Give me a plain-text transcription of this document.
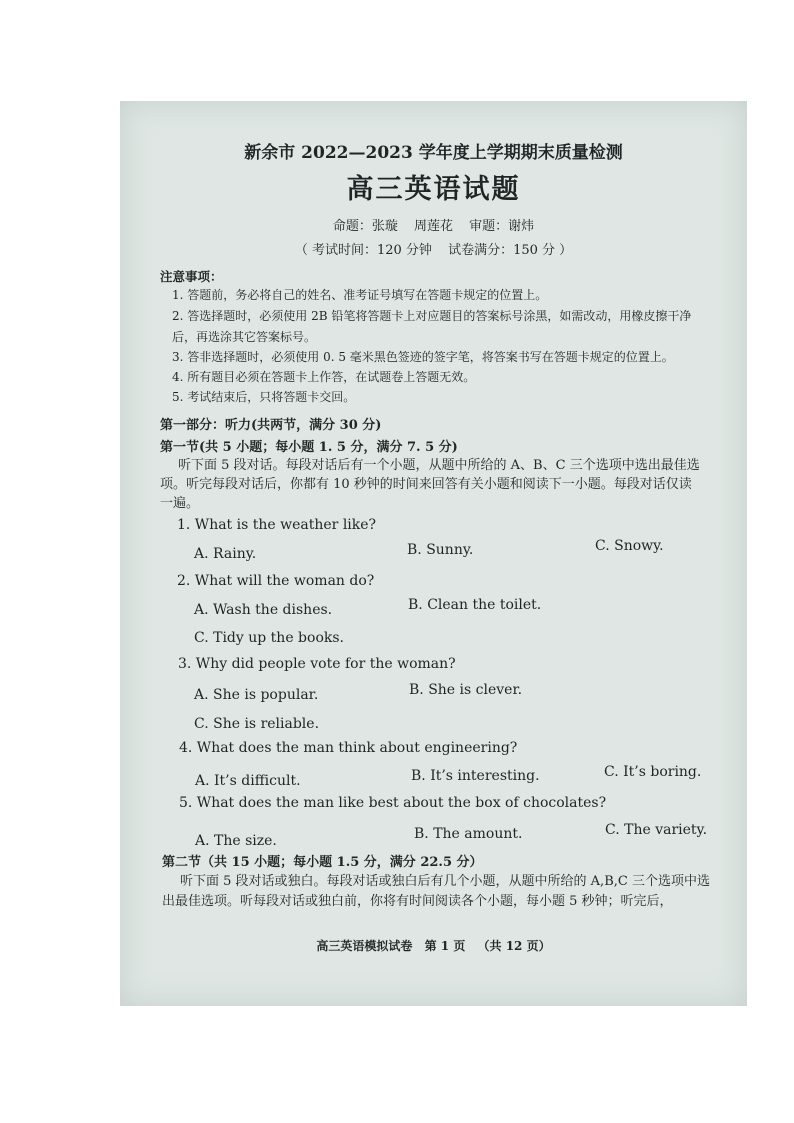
新余市 2022—2023 学年度上学期期末质量检测
高三英语试题
命题：张璇 周莲花 审题：谢炜
（ 考试时间：120 分钟 试卷满分：150 分 ）
注意事项：
1. 答题前，务必将自己的姓名、准考证号填写在答题卡规定的位置上。
2. 答选择题时，必须使用 2B 铅笔将答题卡上对应题目的答案标号涂黑，如需改动，用橡皮擦干净后，再选涂其它答案标号。
3. 答非选择题时，必须使用 0. 5 毫米黑色签迹的签字笔，将答案书写在答题卡规定的位置上。
4. 所有题目必须在答题卡上作答，在试题卷上答题无效。
5. 考试结束后，只将答题卡交回。
第一部分：听力(共两节，满分 30 分)
第一节(共 5 小题；每小题 1. 5 分，满分 7. 5 分)
听下面 5 段对话。每段对话后有一个小题，从题中所给的 A、B、C 三个选项中选出最佳选项。听完每段对话后，你都有 10 秒钟的时间来回答有关小题和阅读下一小题。每段对话仅读一遍。
1. What is the weather like?
A. Rainy.	B. Sunny.	C. Snowy.
2. What will the woman do?
A. Wash the dishes.	B. Clean the toilet.
C. Tidy up the books.
3. Why did people vote for the woman?
A. She is popular.	B. She is clever.
C. She is reliable.
4. What does the man think about engineering?
A. It’s difficult.	B. It’s interesting.	C. It’s boring.
5. What does the man like best about the box of chocolates?
A. The size.	B. The amount.	C. The variety.
第二节（共 15 小题；每小题 1.5 分，满分 22.5 分）
听下面 5 段对话或独白。每段对话或独白后有几个小题，从题中所给的 A,B,C 三个选项中选出最佳选项。听每段对话或独白前，你将有时间阅读各个小题，每小题 5 秒钟；听完后，
高三英语模拟试卷 第 1 页 （共 12 页）
